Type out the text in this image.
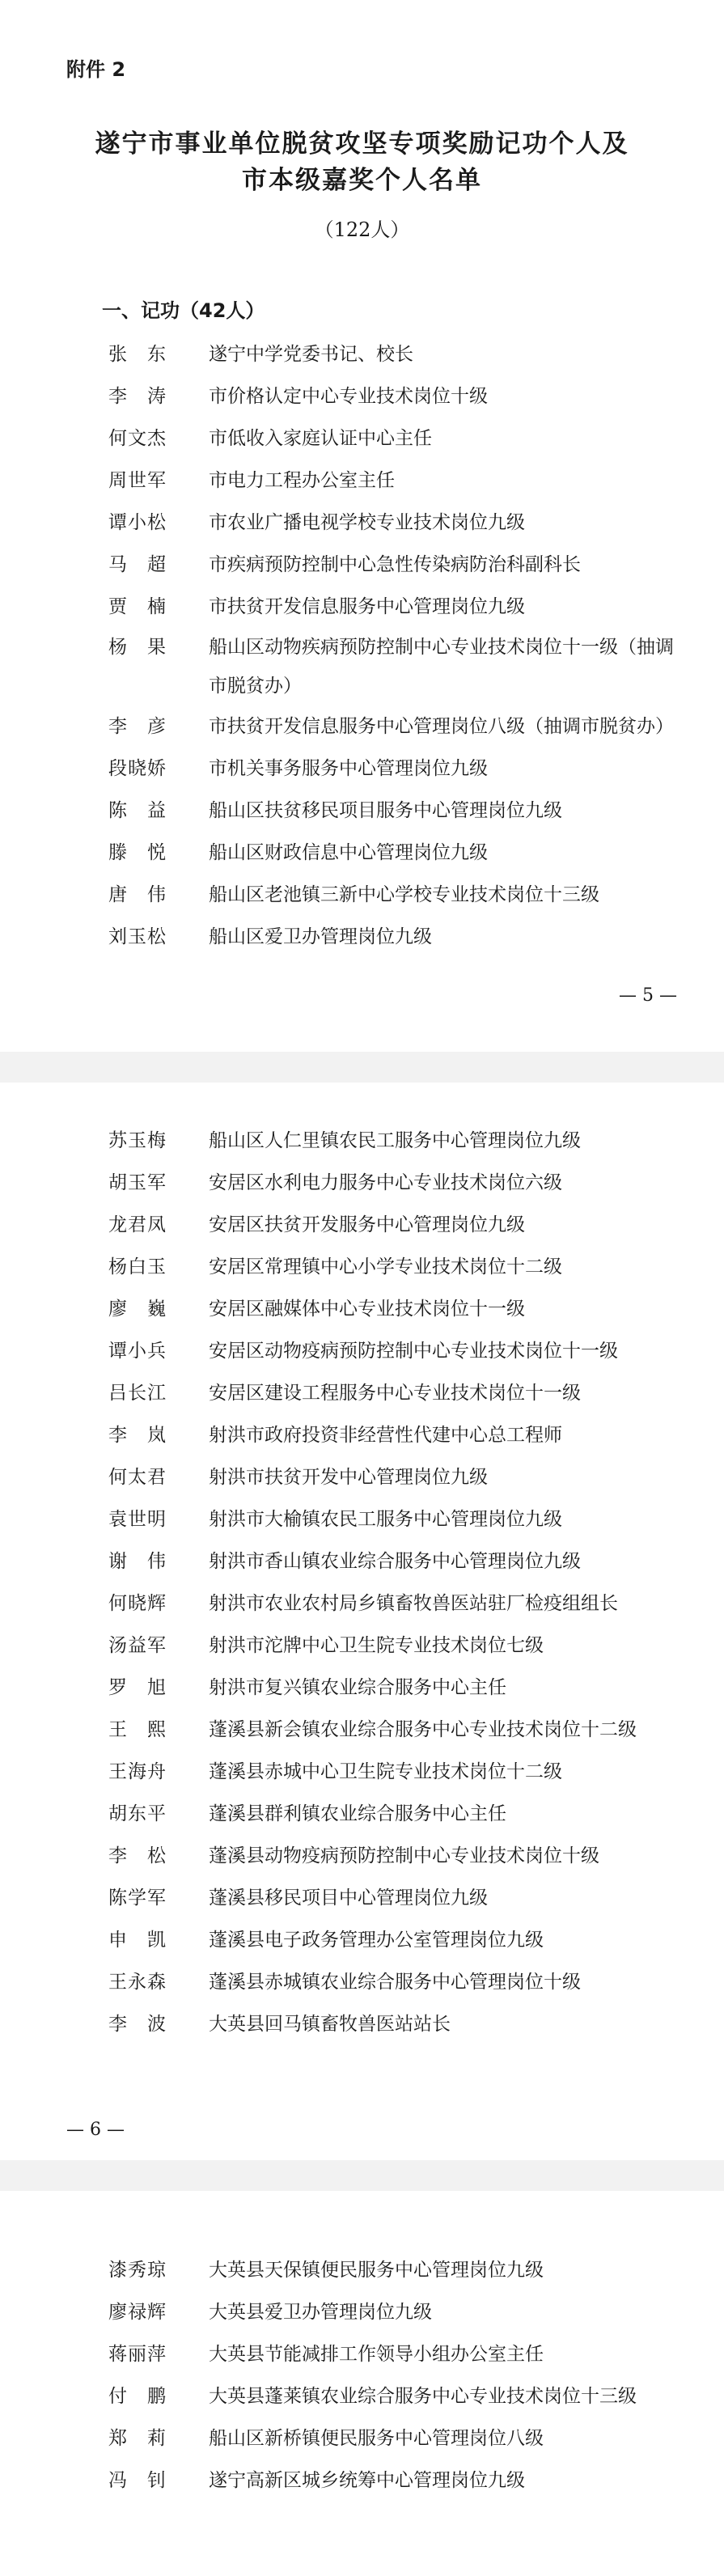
附件 2
遂宁市事业单位脱贫攻坚专项奖励记功个人及
市本级嘉奖个人名单
（122人）
一、记功（42人）
张　东	遂宁中学党委书记、校长
李　涛	市价格认定中心专业技术岗位十级
何文杰	市低收入家庭认证中心主任
周世军	市电力工程办公室主任
谭小松	市农业广播电视学校专业技术岗位九级
马　超	市疾病预防控制中心急性传染病防治科副科长
贾　楠	市扶贫开发信息服务中心管理岗位九级
杨　果	船山区动物疾病预防控制中心专业技术岗位十一级（抽调市脱贫办）
李　彦	市扶贫开发信息服务中心管理岗位八级（抽调市脱贫办）
段晓娇	市机关事务服务中心管理岗位九级
陈　益	船山区扶贫移民项目服务中心管理岗位九级
滕　悦	船山区财政信息中心管理岗位九级
唐　伟	船山区老池镇三新中心学校专业技术岗位十三级
刘玉松	船山区爱卫办管理岗位九级
— 5 —
苏玉梅	船山区人仁里镇农民工服务中心管理岗位九级
胡玉军	安居区水利电力服务中心专业技术岗位六级
龙君凤	安居区扶贫开发服务中心管理岗位九级
杨白玉	安居区常理镇中心小学专业技术岗位十二级
廖　巍	安居区融媒体中心专业技术岗位十一级
谭小兵	安居区动物疫病预防控制中心专业技术岗位十一级
吕长江	安居区建设工程服务中心专业技术岗位十一级
李　岚	射洪市政府投资非经营性代建中心总工程师
何太君	射洪市扶贫开发中心管理岗位九级
袁世明	射洪市大榆镇农民工服务中心管理岗位九级
谢　伟	射洪市香山镇农业综合服务中心管理岗位九级
何晓辉	射洪市农业农村局乡镇畜牧兽医站驻厂检疫组组长
汤益军	射洪市沱牌中心卫生院专业技术岗位七级
罗　旭	射洪市复兴镇农业综合服务中心主任
王　熙	蓬溪县新会镇农业综合服务中心专业技术岗位十二级
王海舟	蓬溪县赤城中心卫生院专业技术岗位十二级
胡东平	蓬溪县群利镇农业综合服务中心主任
李　松	蓬溪县动物疫病预防控制中心专业技术岗位十级
陈学军	蓬溪县移民项目中心管理岗位九级
申　凯	蓬溪县电子政务管理办公室管理岗位九级
王永森	蓬溪县赤城镇农业综合服务中心管理岗位十级
李　波	大英县回马镇畜牧兽医站站长
— 6 —
漆秀琼	大英县天保镇便民服务中心管理岗位九级
廖禄辉	大英县爱卫办管理岗位九级
蒋丽萍	大英县节能减排工作领导小组办公室主任
付　鹏	大英县蓬莱镇农业综合服务中心专业技术岗位十三级
郑　莉	船山区新桥镇便民服务中心管理岗位八级
冯　钊	遂宁高新区城乡统筹中心管理岗位九级
